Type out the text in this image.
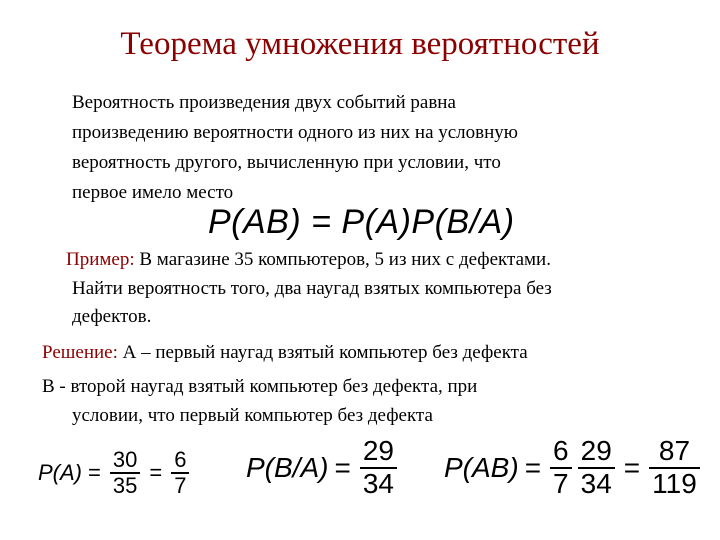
Теорема умножения вероятностей
Вероятность произведения двух событий равна
произведению вероятности одного из них на условную
вероятность другого, вычисленную при условии, что
первое имело место
P(AB) = P(A)P(B/A)
Пример: В магазине 35 компьютеров, 5 из них с дефектами.
Найти вероятность того, два наугад взятых компьютера без
дефектов.
Решение: А – первый наугад взятый компьютер без дефекта
В - второй наугад взятый компьютер без дефекта, при
условии, что первый компьютер без дефекта
$P(A) = \frac{30}{35} = \frac{6}{7} P(B/A) = \frac{29}{34} P(AB) = \frac{6}{7} \frac{29}{34} = \frac{87}{119}$
